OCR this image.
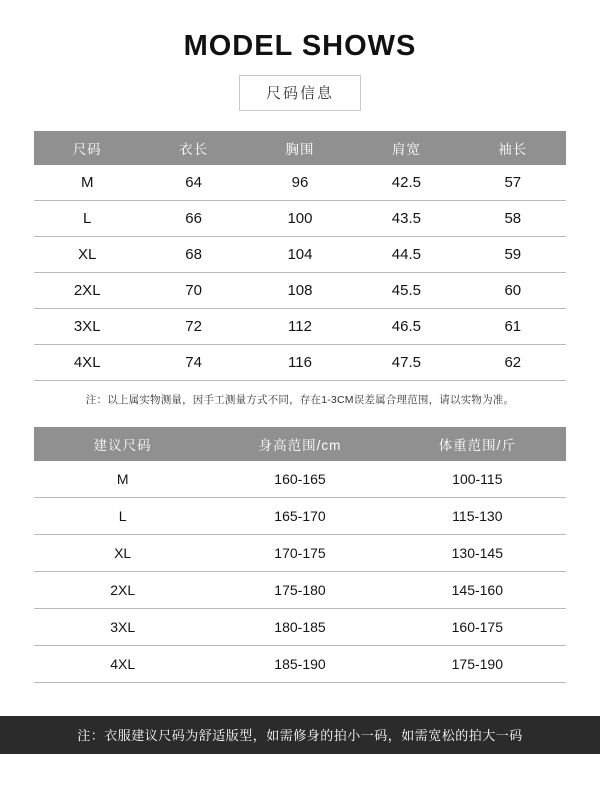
MODEL SHOWS
尺码信息
尺码	衣长	胸围	肩宽	袖长
M	64	96	42.5	57
L	66	100	43.5	58
XL	68	104	44.5	59
2XL	70	108	45.5	60
3XL	72	112	46.5	61
4XL	74	116	47.5	62
注：以上属实物测量，因手工测量方式不同，存在1-3CM误差属合理范围，请以实物为准。
建议尺码	身高范围/cm	体重范围/斤
M	160-165	100-115
L	165-170	115-130
XL	170-175	130-145
2XL	175-180	145-160
3XL	180-185	160-175
4XL	185-190	175-190
注：衣服建议尺码为舒适版型，如需修身的拍小一码，如需宽松的拍大一码
